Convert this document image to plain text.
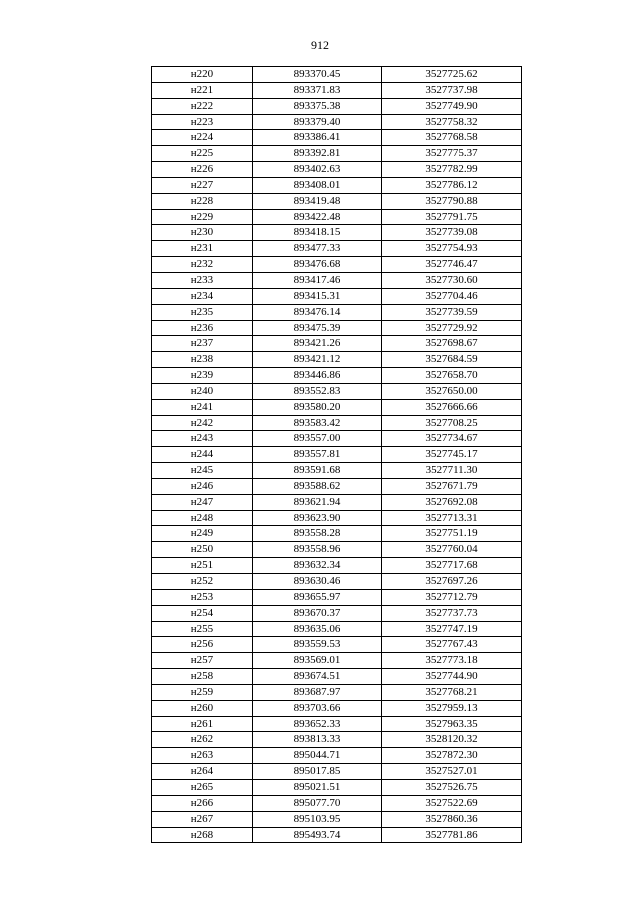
912
н220	893370.45	3527725.62
н221	893371.83	3527737.98
н222	893375.38	3527749.90
н223	893379.40	3527758.32
н224	893386.41	3527768.58
н225	893392.81	3527775.37
н226	893402.63	3527782.99
н227	893408.01	3527786.12
н228	893419.48	3527790.88
н229	893422.48	3527791.75
н230	893418.15	3527739.08
н231	893477.33	3527754.93
н232	893476.68	3527746.47
н233	893417.46	3527730.60
н234	893415.31	3527704.46
н235	893476.14	3527739.59
н236	893475.39	3527729.92
н237	893421.26	3527698.67
н238	893421.12	3527684.59
н239	893446.86	3527658.70
н240	893552.83	3527650.00
н241	893580.20	3527666.66
н242	893583.42	3527708.25
н243	893557.00	3527734.67
н244	893557.81	3527745.17
н245	893591.68	3527711.30
н246	893588.62	3527671.79
н247	893621.94	3527692.08
н248	893623.90	3527713.31
н249	893558.28	3527751.19
н250	893558.96	3527760.04
н251	893632.34	3527717.68
н252	893630.46	3527697.26
н253	893655.97	3527712.79
н254	893670.37	3527737.73
н255	893635.06	3527747.19
н256	893559.53	3527767.43
н257	893569.01	3527773.18
н258	893674.51	3527744.90
н259	893687.97	3527768.21
н260	893703.66	3527959.13
н261	893652.33	3527963.35
н262	893813.33	3528120.32
н263	895044.71	3527872.30
н264	895017.85	3527527.01
н265	895021.51	3527526.75
н266	895077.70	3527522.69
н267	895103.95	3527860.36
н268	895493.74	3527781.86
